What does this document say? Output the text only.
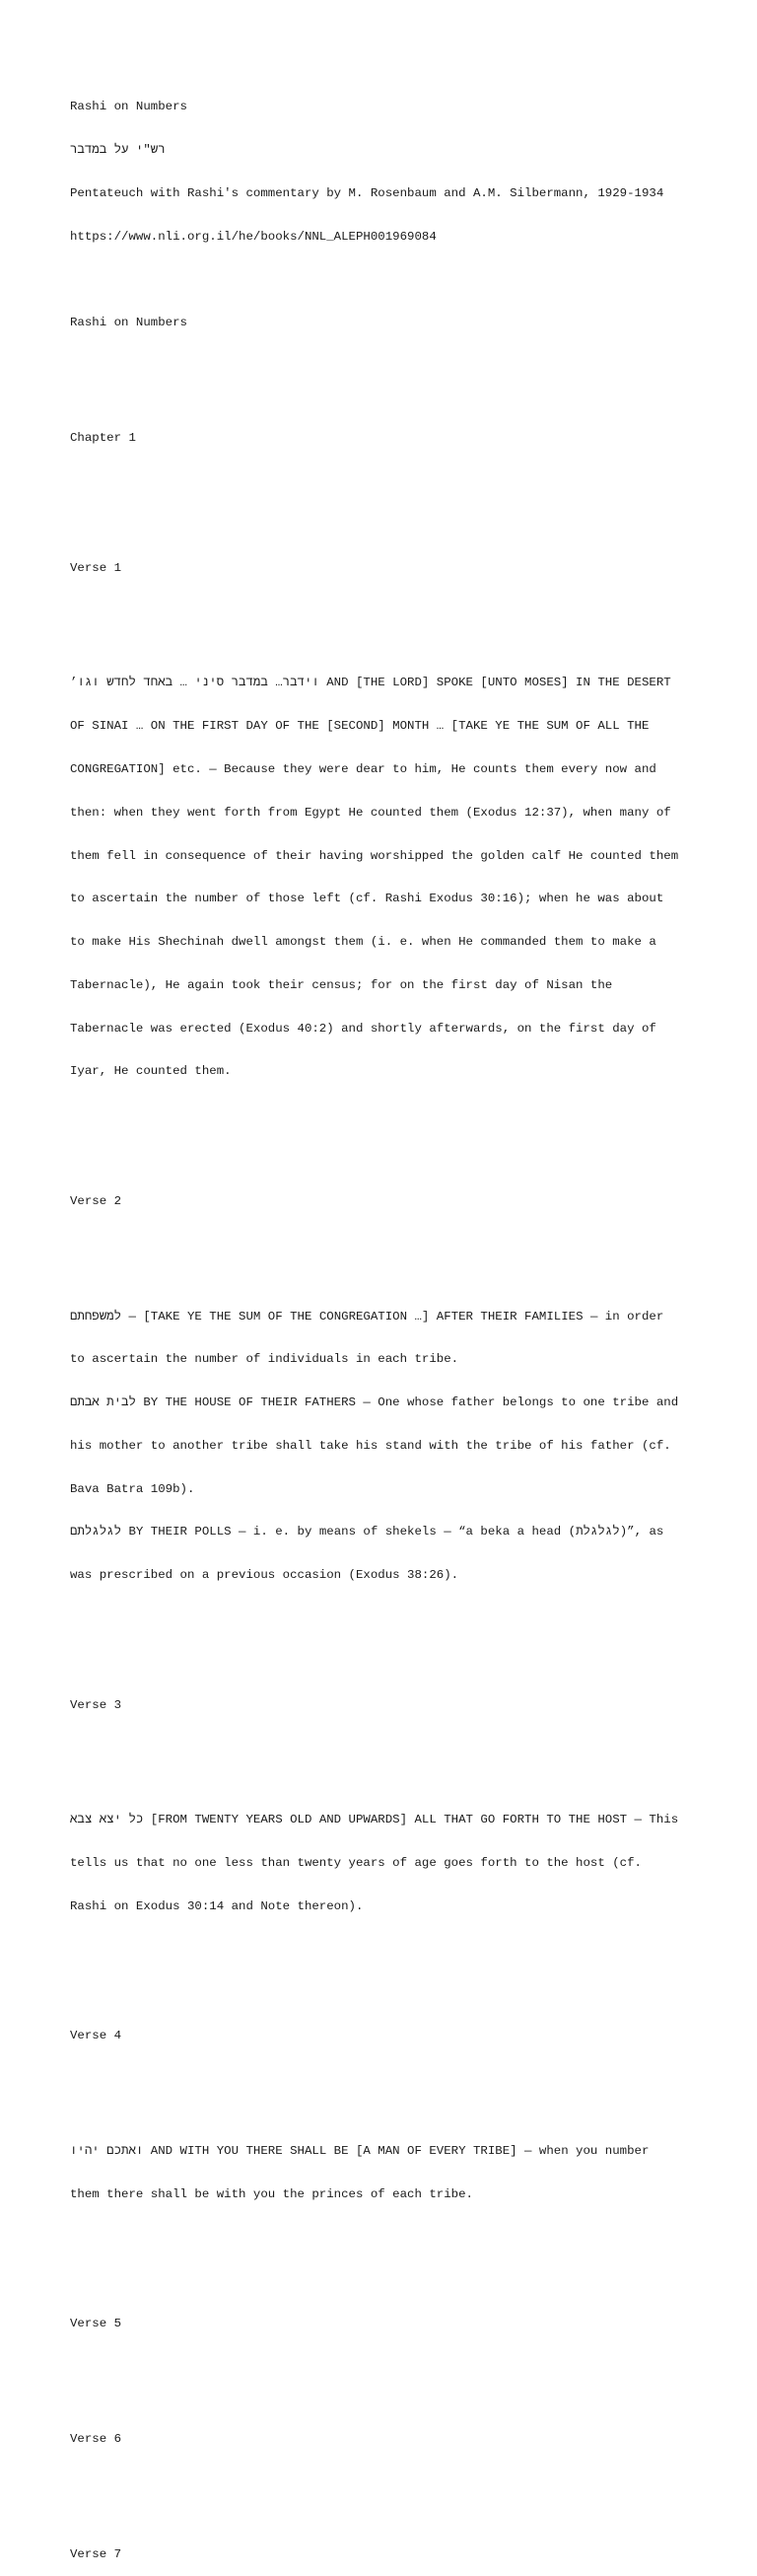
Rashi on Numbers

רש"י על במדבר

Pentateuch with Rashi's commentary by M. Rosenbaum and A.M. Silbermann, 1929-1934

https://www.nli.org.il/he/books/NNL_ALEPH001969084

Rashi on Numbers

Chapter 1

Verse 1

’וידבר… במדבר סיני … באחד לחדש וגו AND [THE LORD] SPOKE [UNTO MOSES] IN THE DESERT

OF SINAI … ON THE FIRST DAY OF THE [SECOND] MONTH … [TAKE YE THE SUM OF ALL THE

CONGREGATION] etc. — Because they were dear to him, He counts them every now and

then: when they went forth from Egypt He counted them (Exodus 12:37), when many of

them fell in consequence of their having worshipped the golden calf He counted them

to ascertain the number of those left (cf. Rashi Exodus 30:16); when he was about

to make His Shechinah dwell amongst them (i. e. when He commanded them to make a

Tabernacle), He again took their census; for on the first day of Nisan the

Tabernacle was erected (Exodus 40:2) and shortly afterwards, on the first day of

Iyar, He counted them.

Verse 2

למשפחתם — [TAKE YE THE SUM OF THE CONGREGATION …] AFTER THEIR FAMILIES — in order

to ascertain the number of individuals in each tribe.

לבית אבתם BY THE HOUSE OF THEIR FATHERS — One whose father belongs to one tribe and

his mother to another tribe shall take his stand with the tribe of his father (cf.

Bava Batra 109b).

לגלגלתם BY THEIR POLLS — i. e. by means of shekels — “a beka a head (לגלגלת)”, as

was prescribed on a previous occasion (Exodus 38:26).

Verse 3

כל יצא צבא [FROM TWENTY YEARS OLD AND UPWARDS] ALL THAT GO FORTH TO THE HOST — This

tells us that no one less than twenty years of age goes forth to the host (cf.

Rashi on Exodus 30:14 and Note thereon).

Verse 4

ואתכם יהיו AND WITH YOU THERE SHALL BE [A MAN OF EVERY TRIBE] — when you number

them there shall be with you the princes of each tribe.

Verse 5

Verse 6

Verse 7
